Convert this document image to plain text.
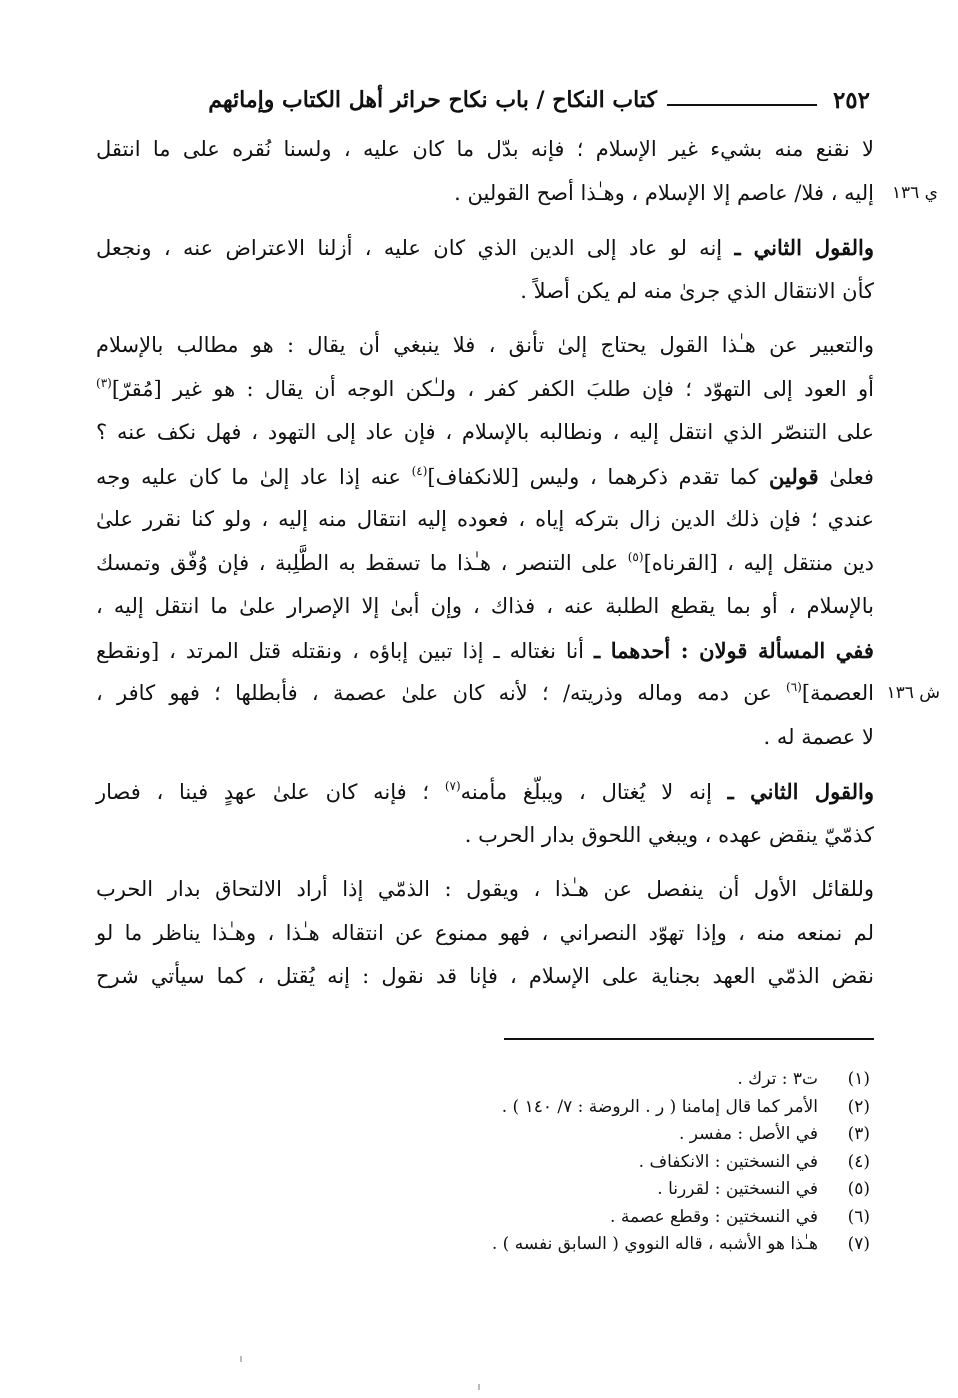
٢٥٢
كتاب النكاح / باب نكاح حرائر أهل الكتاب وإمائهم
لا نقنع منه بشيء غير الإسلام ؛ فإنه بدّل ما كان عليه ، ولسنا نُقره على ما انتقل
إليه ، فلا/ عاصم إلا الإسلام ، وهـٰذا أصح القولين . ي ١٣٦
والقول الثاني ـ إنه لو عاد إلى الدين الذي كان عليه ، أزلنا الاعتراض عنه ، ونجعل
كأن الانتقال الذي جرىٰ منه لم يكن أصلاً .
والتعبير عن هـٰذا القول يحتاج إلىٰ تأنق ، فلا ينبغي أن يقال : هو مطالب بالإسلام
أو العود إلى التهوّد ؛ فإن طلبَ الكفر كفر ، ولـٰكن الوجه أن يقال : هو غير [مُقرّ]$^{(٣)}$
على التنصّر الذي انتقل إليه ، ونطالبه بالإسلام ، فإن عاد إلى التهود ، فهل نكف عنه ؟
فعلىٰ قولين كما تقدم ذكرهما ، وليس [للانكفاف]$^{(٤)}$ عنه إذا عاد إلىٰ ما كان عليه وجه
عندي ؛ فإن ذلك الدين زال بتركه إياه ، فعوده إليه انتقال منه إليه ، ولو كنا نقرر علىٰ
دين منتقل إليه ، [القرناه]$^{(٥)}$ على التنصر ، هـٰذا ما تسقط به الطَّلِبة ، فإن وُفّق وتمسك
بالإسلام ، أو بما يقطع الطلبة عنه ، فذاك ، وإن أبىٰ إلا الإصرار علىٰ ما انتقل إليه ،
ففي المسألة قولان : أحدهما ـ أنا نغتاله ـ إذا تبين إباؤه ، ونقتله قتل المرتد ، [ونقطع
العصمة]$^{(٦)}$ عن دمه وماله وذريته/ ؛ لأنه كان علىٰ عصمة ، فأبطلها ؛ فهو كافر ،	ش ١٣٦
لا عصمة له .
والقول الثاني ـ إنه لا يُغتال ، ويبلّغ مأمنه$^{(٧)}$ ؛ فإنه كان علىٰ عهدٍ فينا ، فصار
كذمّيّ ينقض عهده ، ويبغي اللحوق بدار الحرب .
وللقائل الأول أن ينفصل عن هـٰذا ، ويقول : الذمّي إذا أراد الالتحاق بدار الحرب
لم نمنعه منه ، وإذا تهوّد النصراني ، فهو ممنوع عن انتقاله هـٰذا ، وهـٰذا يناظر ما لو
نقض الذمّي العهد بجناية على الإسلام ، فإنا قد نقول : إنه يُقتل ، كما سيأتي شرح
(١)
ت٣ : ترك .
(٢)
الأمر كما قال إمامنا ( ر . الروضة : ٧/ ١٤٠ ) .
(٣)
في الأصل : مفسر .
(٤)
في النسختين : الانكفاف .
(٥)
في النسختين : لقررنا .
(٦)
في النسختين : وقطع عصمة .
(٧)
هـٰذا هو الأشبه ، قاله النووي ( السابق نفسه ) .
